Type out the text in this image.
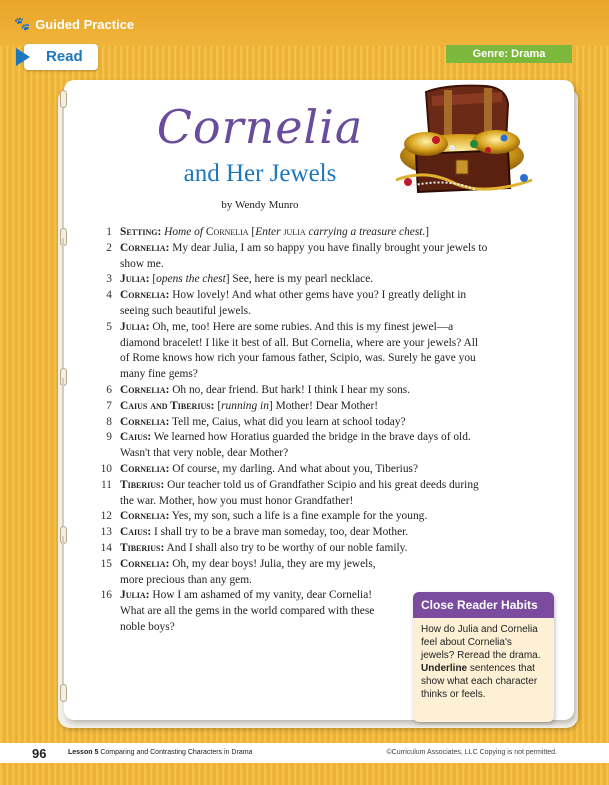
🐾 Guided Practice
Genre: Drama
Read
Cornelia
and Her Jewels
by Wendy Munro
1 Setting: Home of Cornelia [Enter julia carrying a treasure chest.]
2 Cornelia: My dear Julia, I am so happy you have finally brought your jewels to show me.
3 Julia: [opens the chest] See, here is my pearl necklace.
4 Cornelia: How lovely! And what other gems have you? I greatly delight in seeing such beautiful jewels.
5 Julia: Oh, me, too! Here are some rubies. And this is my finest jewel—a diamond bracelet! I like it best of all. But Cornelia, where are your jewels? All of Rome knows how rich your famous father, Scipio, was. Surely he gave you many fine gems?
6 Cornelia: Oh no, dear friend. But hark! I think I hear my sons.
7 Caius and Tiberius: [running in] Mother! Dear Mother!
8 Cornelia: Tell me, Caius, what did you learn at school today?
9 Caius: We learned how Horatius guarded the bridge in the brave days of old. Wasn't that very noble, dear Mother?
10 Cornelia: Of course, my darling. And what about you, Tiberius?
11 Tiberius: Our teacher told us of Grandfather Scipio and his great deeds during the war. Mother, how you must honor Grandfather!
12 Cornelia: Yes, my son, such a life is a fine example for the young.
13 Caius: I shall try to be a brave man someday, too, dear Mother.
14 Tiberius: And I shall also try to be worthy of our noble family.
15 Cornelia: Oh, my dear boys! Julia, they are my jewels,
more precious than any gem.
16 Julia: How I am ashamed of my vanity, dear Cornelia!
What are all the gems in the world compared with these
noble boys?
Close Reader Habits
How do Julia and Cornelia feel about Cornelia's jewels? Reread the drama. Underline sentences that show what each character thinks or feels.
96	Lesson 5 Comparing and Contrasting Characters in Drama	©Curriculum Associates, LLC Copying is not permitted.
